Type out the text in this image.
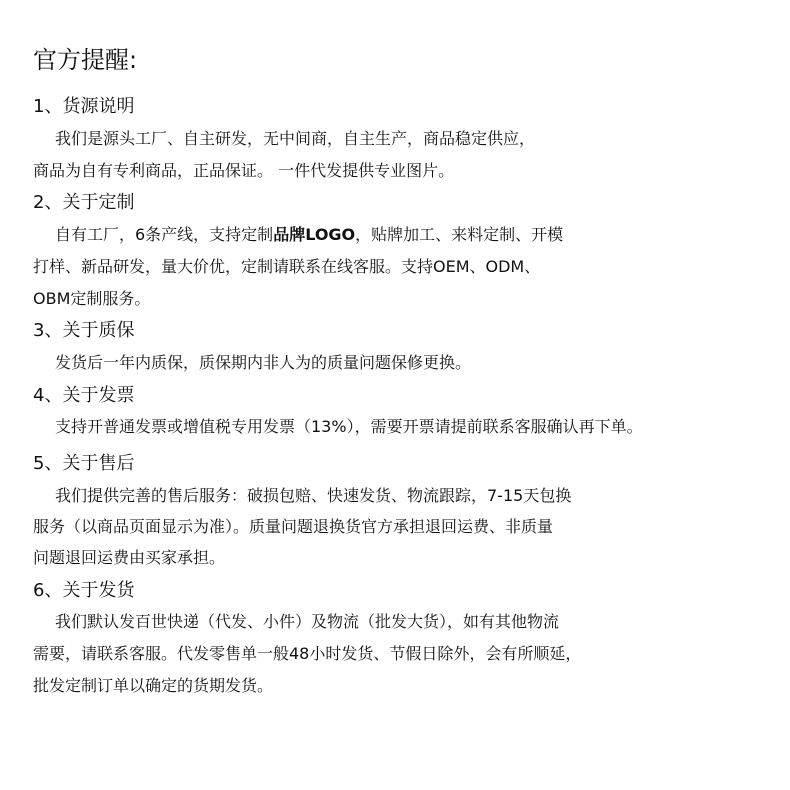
官方提醒:
1、货源说明
我们是源头工厂、自主研发，无中间商，自主生产，商品稳定供应，
商品为自有专利商品，正品保证。 一件代发提供专业图片。
2、关于定制
自有工厂，6条产线，支持定制品牌LOGO，贴牌加工、来料定制、开模
打样、新品研发，量大价优，定制请联系在线客服。支持OEM、ODM、
OBM定制服务。
3、关于质保
发货后一年内质保，质保期内非人为的质量问题保修更换。
4、关于发票
支持开普通发票或增值税专用发票（13%），需要开票请提前联系客服确认再下单。
5、关于售后
我们提供完善的售后服务：破损包赔、快速发货、物流跟踪，7-15天包换
服务（以商品页面显示为准）。质量问题退换货官方承担退回运费、非质量
问题退回运费由买家承担。
6、关于发货
我们默认发百世快递（代发、小件）及物流（批发大货），如有其他物流
需要，请联系客服。代发零售单一般48小时发货、节假日除外，会有所顺延，
批发定制订单以确定的货期发货。
